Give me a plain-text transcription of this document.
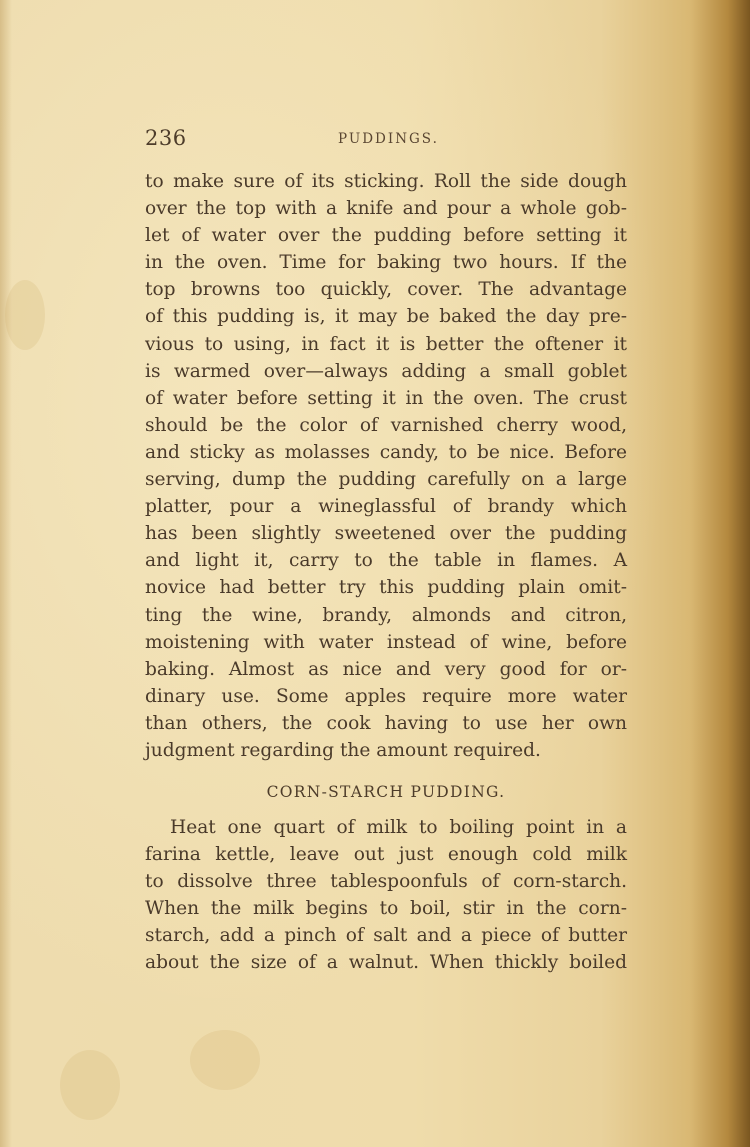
236	PUDDINGS.
to make sure of its sticking. Roll the side dough
over the top with a knife and pour a whole gob-
let of water over the pudding before setting it
in the oven. Time for baking two hours. If the
top browns too quickly, cover. The advantage
of this pudding is, it may be baked the day pre-
vious to using, in fact it is better the oftener it
is warmed over—always adding a small goblet
of water before setting it in the oven. The crust
should be the color of varnished cherry wood,
and sticky as molasses candy, to be nice. Before
serving, dump the pudding carefully on a large
platter, pour a wineglassful of brandy which
has been slightly sweetened over the pudding
and light it, carry to the table in flames. A
novice had better try this pudding plain omit-
ting the wine, brandy, almonds and citron,
moistening with water instead of wine, before
baking. Almost as nice and very good for or-
dinary use. Some apples require more water
than others, the cook having to use her own
judgment regarding the amount required.
CORN-STARCH PUDDING.
Heat one quart of milk to boiling point in a
farina kettle, leave out just enough cold milk
to dissolve three tablespoonfuls of corn-starch.
When the milk begins to boil, stir in the corn-
starch, add a pinch of salt and a piece of butter
about the size of a walnut. When thickly boiled
